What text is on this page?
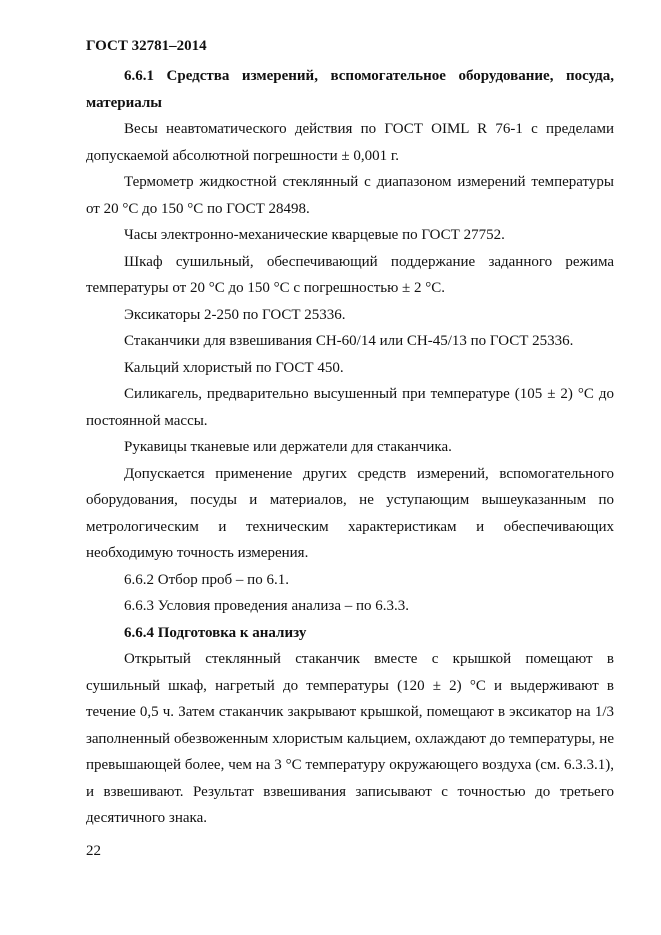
ГОСТ 32781–2014

6.6.1 Средства измерений, вспомогательное оборудование, посуда, материалы

Весы неавтоматического действия по ГОСТ OIML R 76-1 с пределами допускаемой абсолютной погрешности ± 0,001 г.

Термометр жидкостной стеклянный с диапазоном измерений температуры от 20 °С до 150 °С по ГОСТ 28498.

Часы электронно-механические кварцевые по ГОСТ 27752.

Шкаф сушильный, обеспечивающий поддержание заданного режима температуры от 20 °С до 150 °С с погрешностью ± 2 °С.

Эксикаторы 2-250 по ГОСТ 25336.

Стаканчики для взвешивания СН-60/14 или СН-45/13 по ГОСТ 25336.

Кальций хлористый по ГОСТ 450.

Силикагель, предварительно высушенный при температуре (105 ± 2) °С до постоянной массы.

Рукавицы тканевые или держатели для стаканчика.

Допускается применение других средств измерений, вспомогательного оборудования, посуды и материалов, не уступающим вышеуказанным по метрологическим и техническим характеристикам и обеспечивающих необходимую точность измерения.

6.6.2 Отбор проб – по 6.1.

6.6.3 Условия проведения анализа – по 6.3.3.

6.6.4 Подготовка к анализу

Открытый стеклянный стаканчик вместе с крышкой помещают в сушильный шкаф, нагретый до температуры (120 ± 2) °С и выдерживают в течение 0,5 ч. Затем стаканчик закрывают крышкой, помещают в эксикатор на 1/3 заполненный обезвоженным хлористым кальцием, охлаждают до температуры, не превышающей более, чем на 3 °С температуру окружающего воздуха (см. 6.3.3.1), и взвешивают. Результат взвешивания записывают с точностью до третьего десятичного знака.

22
